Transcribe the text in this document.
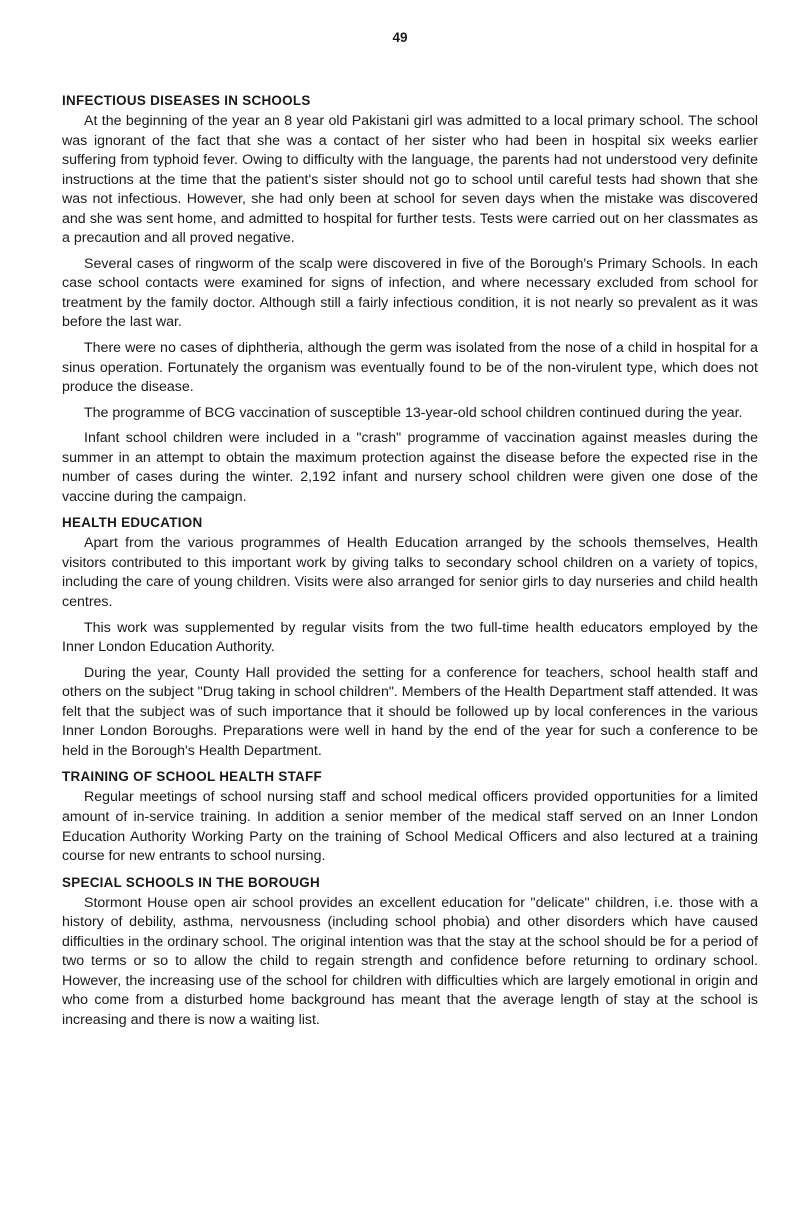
49
INFECTIOUS DISEASES IN SCHOOLS

At the beginning of the year an 8 year old Pakistani girl was admitted to a local primary school. The school was ignorant of the fact that she was a contact of her sister who had been in hospital six weeks earlier suffering from typhoid fever. Owing to difficulty with the language, the parents had not understood very definite instructions at the time that the patient's sister should not go to school until careful tests had shown that she was not infectious. However, she had only been at school for seven days when the mistake was discovered and she was sent home, and admitted to hospital for further tests. Tests were carried out on her classmates as a precaution and all proved negative.

Several cases of ringworm of the scalp were discovered in five of the Borough's Primary Schools. In each case school contacts were examined for signs of infection, and where necessary excluded from school for treatment by the family doctor. Although still a fairly infectious condition, it is not nearly so prevalent as it was before the last war.

There were no cases of diphtheria, although the germ was isolated from the nose of a child in hospital for a sinus operation. Fortunately the organism was eventually found to be of the non-virulent type, which does not produce the disease.

The programme of BCG vaccination of susceptible 13-year-old school children continued during the year.

Infant school children were included in a "crash" programme of vaccination against measles during the summer in an attempt to obtain the maximum protection against the disease before the expected rise in the number of cases during the winter. 2,192 infant and nursery school children were given one dose of the vaccine during the campaign.

HEALTH EDUCATION

Apart from the various programmes of Health Education arranged by the schools themselves, Health visitors contributed to this important work by giving talks to secondary school children on a variety of topics, including the care of young children. Visits were also arranged for senior girls to day nurseries and child health centres.

This work was supplemented by regular visits from the two full-time health educators employed by the Inner London Education Authority.

During the year, County Hall provided the setting for a conference for teachers, school health staff and others on the subject "Drug taking in school children". Members of the Health Department staff attended. It was felt that the subject was of such importance that it should be followed up by local conferences in the various Inner London Boroughs. Preparations were well in hand by the end of the year for such a conference to be held in the Borough's Health Department.

TRAINING OF SCHOOL HEALTH STAFF

Regular meetings of school nursing staff and school medical officers provided opportunities for a limited amount of in-service training. In addition a senior member of the medical staff served on an Inner London Education Authority Working Party on the training of School Medical Officers and also lectured at a training course for new entrants to school nursing.

SPECIAL SCHOOLS IN THE BOROUGH

Stormont House open air school provides an excellent education for "delicate" children, i.e. those with a history of debility, asthma, nervousness (including school phobia) and other disorders which have caused difficulties in the ordinary school. The original intention was that the stay at the school should be for a period of two terms or so to allow the child to regain strength and confidence before returning to ordinary school. However, the increasing use of the school for children with difficulties which are largely emotional in origin and who come from a disturbed home background has meant that the average length of stay at the school is increasing and there is now a waiting list.
